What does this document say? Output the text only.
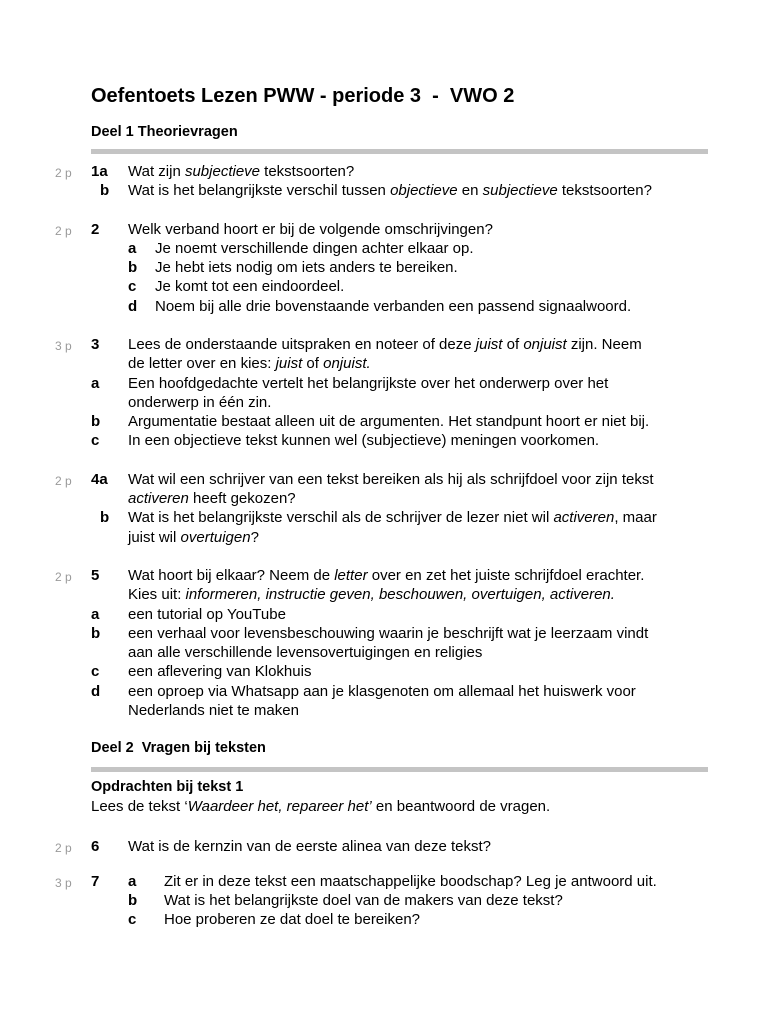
Oefentoets Lezen PWW - periode 3  -  VWO 2
Deel 1 Theorievragen
2 p 1a Wat zijn subjectieve tekstsoorten?
b Wat is het belangrijkste verschil tussen objectieve en subjectieve tekstsoorten?
2 p 2 Welk verband hoort er bij de volgende omschrijvingen?
a Je noemt verschillende dingen achter elkaar op.
b Je hebt iets nodig om iets anders te bereiken.
c Je komt tot een eindoordeel.
d Noem bij alle drie bovenstaande verbanden een passend signaalwoord.
3 p 3 Lees de onderstaande uitspraken en noteer of deze juist of onjuist zijn. Neem
de letter over en kies: juist of onjuist.
a Een hoofdgedachte vertelt het belangrijkste over het onderwerp over het
onderwerp in één zin.
b Argumentatie bestaat alleen uit de argumenten. Het standpunt hoort er niet bij.
c In een objectieve tekst kunnen wel (subjectieve) meningen voorkomen.
2 p 4a Wat wil een schrijver van een tekst bereiken als hij als schrijfdoel voor zijn tekst
activeren heeft gekozen?
b Wat is het belangrijkste verschil als de schrijver de lezer niet wil activeren, maar
juist wil overtuigen?
2 p 5 Wat hoort bij elkaar? Neem de letter over en zet het juiste schrijfdoel erachter.
Kies uit: informeren, instructie geven, beschouwen, overtuigen, activeren.
a een tutorial op YouTube
b een verhaal voor levensbeschouwing waarin je beschrijft wat je leerzaam vindt
aan alle verschillende levensovertuigingen en religies
c een aflevering van Klokhuis
d een oproep via Whatsapp aan je klasgenoten om allemaal het huiswerk voor
Nederlands niet te maken
Deel 2  Vragen bij teksten
Opdrachten bij tekst 1
Lees de tekst ‘Waardeer het, repareer het’ en beantwoord de vragen.
2 p 6 Wat is de kernzin van de eerste alinea van deze tekst?
3 p 7 a Zit er in deze tekst een maatschappelijke boodschap? Leg je antwoord uit.
b Wat is het belangrijkste doel van de makers van deze tekst?
c Hoe proberen ze dat doel te bereiken?
